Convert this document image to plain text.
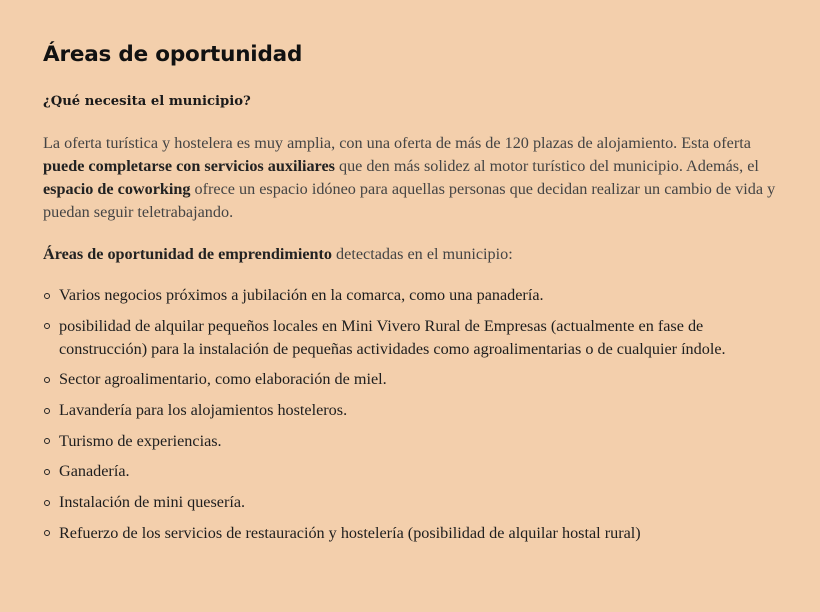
Áreas de oportunidad
¿Qué necesita el municipio?

La oferta turística y hostelera es muy amplia, con una oferta de más de 120 plazas de alojamiento. Esta oferta puede completarse con servicios auxiliares que den más solidez al motor turístico del municipio. Además, el espacio de coworking ofrece un espacio idóneo para aquellas personas que decidan realizar un cambio de vida y puedan seguir teletrabajando.

Áreas de oportunidad de emprendimiento detectadas en el municipio:

Varios negocios próximos a jubilación en la comarca, como una panadería.
posibilidad de alquilar pequeños locales en Mini Vivero Rural de Empresas (actualmente en fase de construcción) para la instalación de pequeñas actividades como agroalimentarias o de cualquier índole.
Sector agroalimentario, como elaboración de miel.
Lavandería para los alojamientos hosteleros.
Turismo de experiencias.
Ganadería.
Instalación de mini quesería.
Refuerzo de los servicios de restauración y hostelería (posibilidad de alquilar hostal rural)
